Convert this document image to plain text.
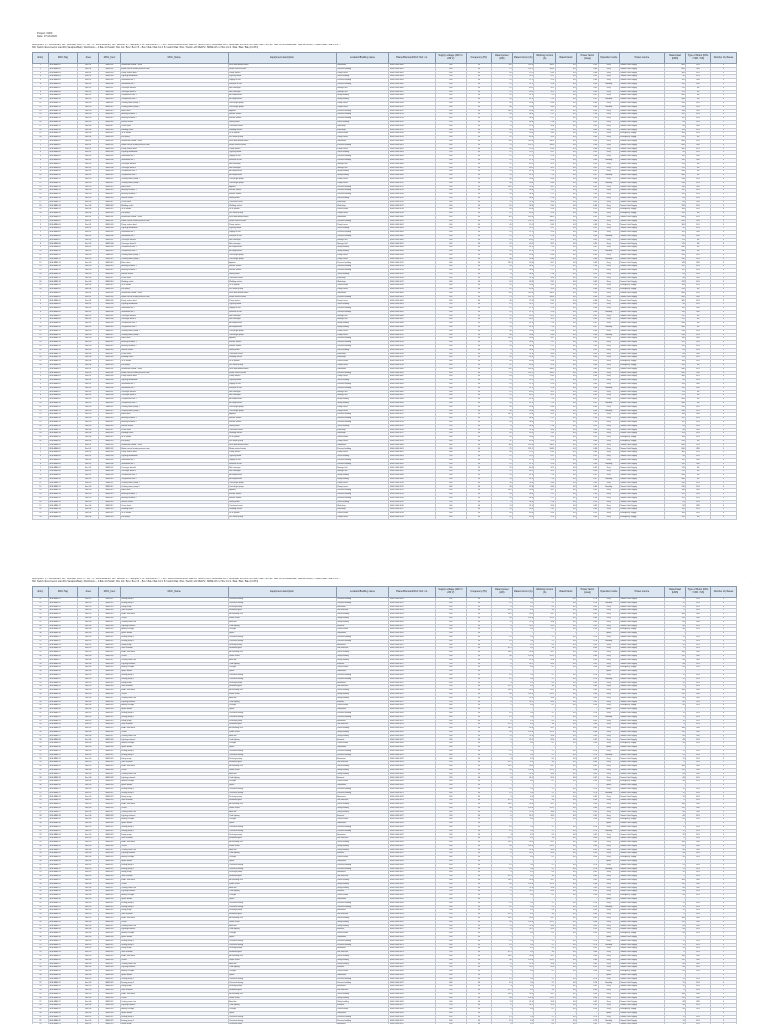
Project: 0000
Date: 07.09.2020
Description: D – Dismantled, DR / Reinstall, Mod / P / DC / N - Reconditioned, SR / Rebuild: R – Sandpan + CH Distribution / T / SB / Switch-disconnector load IDI, SBAVS.XBO, Boite/Bak 1/d 2, Boite/Bak 1/d 1Box 6/4, Bak / Bak / 4/d 4B / Bak 1/d 4/d1/Bak/Bak / Bak and switch / Switch/Bak / Bak 1/d 2 ...
SW: Switch disconnector load IDI (Sandpan/Bak) / Distribution – 4 Bak 1/d Switch, Box 1/d / Box / Box / B – Box / Bak / Bak 1/d 1 B / switch Bak / Box / Switch-1/d SBAVS / SBWE.W1 4 / Box 1/d 2 / Bak / Bak / Bak (1/d Phi)
Entry	MCC Tag	Area	MCC_Item	MCC_Name	Equipment description	Location/Building name	Placed/Demand/Perf. Ref. no.	Supply voltage (400 V / 230 V)	Frequency (Hz)	Rated power (kW)	Rated current (A)	Working current (A)	Rated factor	Power factor (cosφ)	Operation mode	Power source	Rated load (kWh)	Type of Motor (DOL / VFD / SS)	Number of phases
1	SDB-MBB-01	Sect 01	MBB 001	Distribution board - main	Main distribution board	Substation	0000 0000 0000	400	50	110	185.6	148.5	0.8	0.85	Duty	Normal Grid Supply	880	DOL	3
2	SDB-MBB-02	Sect 01	MBB 002	Motor control center process area	Motor control center	Process building	0000 0000 0001	400	50	75	131.2	104.9	0.8	0.86	Duty	Normal Grid Supply	600	VFD	3
3	SDB-MBB-03	Sect 01	MBB 003	Pump station feed	Pump station	Pump house	0000 0000 0002	400	50	45	79.1	63.3	0.8	0.86	Duty	Normal Grid Supply	360	DOL	3
4	SDB-MBB-04	Sect 01	MBB 004	Lighting distribution	Lighting board	Office building	0000 0000 0003	230	50	12	52.2	41.7	0.8	0.95	Duty	Normal Grid Supply	96	DOL	1
5	SDB-MBB-05	Sect 02	MBB 005	Ventilation fan 1	Supply air fan	Process building	0000 0000 0004	400	50	15	27.5	22.0	0.8	0.84	Duty	Normal Grid Supply	120	VFD	3
6	SDB-MBB-06	Sect 02	MBB 006	Ventilation fan 2	Exhaust air fan	Process building	0000 0000 0005	400	50	15	27.5	22.0	0.8	0.84	Standby	Normal Grid Supply	120	VFD	3
7	SDB-MBB-07	Sect 02	MBB 007	Conveyor drive A	Belt conveyor	Storage hall	0000 0000 0006	400	50	22	40.2	32.2	0.8	0.85	Duty	Normal Grid Supply	176	SS	3
8	SDB-MBB-08	Sect 02	MBB 008	Conveyor drive B	Belt conveyor	Storage hall	0000 0000 0007	400	50	22	40.2	32.2	0.8	0.85	Duty	Normal Grid Supply	176	SS	3
9	SDB-MBB-09	Sect 02	MBB 009	Compressor unit 1	Air compressor	Utility building	0000 0000 0008	400	50	55	97.4	77.9	0.8	0.87	Duty	Normal Grid Supply	440	SS	3
10	SDB-MBB-10	Sect 02	MBB 010	Compressor unit 2	Air compressor	Utility building	0000 0000 0009	400	50	55	97.4	77.9	0.8	0.87	Standby	Normal Grid Supply	440	SS	3
11	SDB-MBB-11	Sect 03	MBB 011	Cooling water pump 1	Centrifugal pump	Pump house	0000 0000 0010	400	50	30	53.8	43.0	0.8	0.86	Duty	Normal Grid Supply	240	DOL	3
12	SDB-MBB-12	Sect 03	MBB 012	Cooling water pump 2	Centrifugal pump	Pump house	0000 0000 0011	400	50	30	53.8	43.0	0.8	0.86	Standby	Normal Grid Supply	240	DOL	3
13	SDB-MBB-13	Sect 03	MBB 013	Mixer drive	Agitator	Process building	0000 0000 0012	400	50	18.5	33.4	26.7	0.8	0.85	Duty	Normal Grid Supply	148	VFD	3
14	SDB-MBB-14	Sect 03	MBB 014	Heating element 1	Electric heater	Process building	0000 0000 0013	400	50	24	34.6	27.7	0.8	1.00	Duty	Normal Grid Supply	192	DOL	3
15	SDB-MBB-15	Sect 03	MBB 015	Heating element 2	Electric heater	Process building	0000 0000 0014	400	50	24	34.6	27.7	0.8	1.00	Duty	Normal Grid Supply	192	DOL	3
16	SDB-MBB-16	Sect 03	MBB 016	Socket outlets	Small power	Office building	0000 0000 0015	230	50	8	34.8	27.8	0.8	0.95	Duty	Normal Grid Supply	64	DOL	1
17	SDB-MBB-17	Sect 04	MBB 017	Crane hoist	Overhead crane	Workshop	0000 0000 0016	400	50	11	21.0	16.8	0.8	0.83	Duty	Normal Grid Supply	88	VFD	3
18	SDB-MBB-18	Sect 04	MBB 018	Welding outlet	Welding socket	Workshop	0000 0000 0017	400	50	16	28.9	23.1	0.8	0.80	Duty	Normal Grid Supply	128	DOL	3
19	SDB-MBB-19	Sect 04	MBB 019	UPS feeder	UPS system	Control room	0000 0000 0018	400	50	20	30.4	24.3	0.8	0.95	Duty	Emergency Supply	160	DOL	3
20	SDB-MBB-20	Sect 04	MBB 020	Fire pump	Fire water pump	Pump house	0000 0000 0019	400	50	37	65.0	52.0	0.8	0.86	Duty	Emergency Supply	296	SS	3
1	SDB-MBB-01	Sect 01	MBB 001	Distribution board - main	Main distribution board	Substation	0000 0000 0000	400	50	110	185.6	148.5	0.8	0.85	Duty	Normal Grid Supply	880	DOL	3
2	SDB-MBB-02	Sect 01	MBB 002	Motor control center process area	Motor control center	Process building	0000 0000 0001	400	50	75	131.2	104.9	0.8	0.86	Duty	Normal Grid Supply	600	VFD	3
3	SDB-MBB-03	Sect 01	MBB 003	Pump station feed	Pump station	Pump house	0000 0000 0002	400	50	45	79.1	63.3	0.8	0.86	Duty	Normal Grid Supply	360	DOL	3
4	SDB-MBB-04	Sect 01	MBB 004	Lighting distribution	Lighting board	Office building	0000 0000 0003	230	50	12	52.2	41.7	0.8	0.95	Duty	Normal Grid Supply	96	DOL	1
5	SDB-MBB-05	Sect 02	MBB 005	Ventilation fan 1	Supply air fan	Process building	0000 0000 0004	400	50	15	27.5	22.0	0.8	0.84	Duty	Normal Grid Supply	120	VFD	3
6	SDB-MBB-06	Sect 02	MBB 006	Ventilation fan 2	Exhaust air fan	Process building	0000 0000 0005	400	50	15	27.5	22.0	0.8	0.84	Standby	Normal Grid Supply	120	VFD	3
7	SDB-MBB-07	Sect 02	MBB 007	Conveyor drive A	Belt conveyor	Storage hall	0000 0000 0006	400	50	22	40.2	32.2	0.8	0.85	Duty	Normal Grid Supply	176	SS	3
8	SDB-MBB-08	Sect 02	MBB 008	Conveyor drive B	Belt conveyor	Storage hall	0000 0000 0007	400	50	22	40.2	32.2	0.8	0.85	Duty	Normal Grid Supply	176	SS	3
9	SDB-MBB-09	Sect 02	MBB 009	Compressor unit 1	Air compressor	Utility building	0000 0000 0008	400	50	55	97.4	77.9	0.8	0.87	Duty	Normal Grid Supply	440	SS	3
10	SDB-MBB-10	Sect 02	MBB 010	Compressor unit 2	Air compressor	Utility building	0000 0000 0009	400	50	55	97.4	77.9	0.8	0.87	Standby	Normal Grid Supply	440	SS	3
11	SDB-MBB-11	Sect 03	MBB 011	Cooling water pump 1	Centrifugal pump	Pump house	0000 0000 0010	400	50	30	53.8	43.0	0.8	0.86	Duty	Normal Grid Supply	240	DOL	3
12	SDB-MBB-12	Sect 03	MBB 012	Cooling water pump 2	Centrifugal pump	Pump house	0000 0000 0011	400	50	30	53.8	43.0	0.8	0.86	Standby	Normal Grid Supply	240	DOL	3
13	SDB-MBB-13	Sect 03	MBB 013	Mixer drive	Agitator	Process building	0000 0000 0012	400	50	18.5	33.4	26.7	0.8	0.85	Duty	Normal Grid Supply	148	VFD	3
14	SDB-MBB-14	Sect 03	MBB 014	Heating element 1	Electric heater	Process building	0000 0000 0013	400	50	24	34.6	27.7	0.8	1.00	Duty	Normal Grid Supply	192	DOL	3
15	SDB-MBB-15	Sect 03	MBB 015	Heating element 2	Electric heater	Process building	0000 0000 0014	400	50	24	34.6	27.7	0.8	1.00	Duty	Normal Grid Supply	192	DOL	3
16	SDB-MBB-16	Sect 03	MBB 016	Socket outlets	Small power	Office building	0000 0000 0015	230	50	8	34.8	27.8	0.8	0.95	Duty	Normal Grid Supply	64	DOL	1
17	SDB-MBB-17	Sect 04	MBB 017	Crane hoist	Overhead crane	Workshop	0000 0000 0016	400	50	11	21.0	16.8	0.8	0.83	Duty	Normal Grid Supply	88	VFD	3
18	SDB-MBB-18	Sect 04	MBB 018	Welding outlet	Welding socket	Workshop	0000 0000 0017	400	50	16	28.9	23.1	0.8	0.80	Duty	Normal Grid Supply	128	DOL	3
19	SDB-MBB-19	Sect 04	MBB 019	UPS feeder	UPS system	Control room	0000 0000 0018	400	50	20	30.4	24.3	0.8	0.95	Duty	Emergency Supply	160	DOL	3
20	SDB-MBB-20	Sect 04	MBB 020	Fire pump	Fire water pump	Pump house	0000 0000 0019	400	50	37	65.0	52.0	0.8	0.86	Duty	Emergency Supply	296	SS	3
1	SDB-MBB-01	Sect 01	MBB 001	Distribution board - main	Main distribution board	Substation	0000 0000 0000	400	50	110	185.6	148.5	0.8	0.85	Duty	Normal Grid Supply	880	DOL	3
2	SDB-MBB-02	Sect 01	MBB 002	Motor control center process area	Motor control center	Process building	0000 0000 0001	400	50	75	131.2	104.9	0.8	0.86	Duty	Normal Grid Supply	600	VFD	3
3	SDB-MBB-03	Sect 01	MBB 003	Pump station feed	Pump station	Pump house	0000 0000 0002	400	50	45	79.1	63.3	0.8	0.86	Duty	Normal Grid Supply	360	DOL	3
4	SDB-MBB-04	Sect 01	MBB 004	Lighting distribution	Lighting board	Office building	0000 0000 0003	230	50	12	52.2	41.7	0.8	0.95	Duty	Normal Grid Supply	96	DOL	1
5	SDB-MBB-05	Sect 02	MBB 005	Ventilation fan 1	Supply air fan	Process building	0000 0000 0004	400	50	15	27.5	22.0	0.8	0.84	Duty	Normal Grid Supply	120	VFD	3
6	SDB-MBB-06	Sect 02	MBB 006	Ventilation fan 2	Exhaust air fan	Process building	0000 0000 0005	400	50	15	27.5	22.0	0.8	0.84	Standby	Normal Grid Supply	120	VFD	3
7	SDB-MBB-07	Sect 02	MBB 007	Conveyor drive A	Belt conveyor	Storage hall	0000 0000 0006	400	50	22	40.2	32.2	0.8	0.85	Duty	Normal Grid Supply	176	SS	3
8	SDB-MBB-08	Sect 02	MBB 008	Conveyor drive B	Belt conveyor	Storage hall	0000 0000 0007	400	50	22	40.2	32.2	0.8	0.85	Duty	Normal Grid Supply	176	SS	3
9	SDB-MBB-09	Sect 02	MBB 009	Compressor unit 1	Air compressor	Utility building	0000 0000 0008	400	50	55	97.4	77.9	0.8	0.87	Duty	Normal Grid Supply	440	SS	3
10	SDB-MBB-10	Sect 02	MBB 010	Compressor unit 2	Air compressor	Utility building	0000 0000 0009	400	50	55	97.4	77.9	0.8	0.87	Standby	Normal Grid Supply	440	SS	3
11	SDB-MBB-11	Sect 03	MBB 011	Cooling water pump 1	Centrifugal pump	Pump house	0000 0000 0010	400	50	30	53.8	43.0	0.8	0.86	Duty	Normal Grid Supply	240	DOL	3
12	SDB-MBB-12	Sect 03	MBB 012	Cooling water pump 2	Centrifugal pump	Pump house	0000 0000 0011	400	50	30	53.8	43.0	0.8	0.86	Standby	Normal Grid Supply	240	DOL	3
13	SDB-MBB-13	Sect 03	MBB 013	Mixer drive	Agitator	Process building	0000 0000 0012	400	50	18.5	33.4	26.7	0.8	0.85	Duty	Normal Grid Supply	148	VFD	3
14	SDB-MBB-14	Sect 03	MBB 014	Heating element 1	Electric heater	Process building	0000 0000 0013	400	50	24	34.6	27.7	0.8	1.00	Duty	Normal Grid Supply	192	DOL	3
15	SDB-MBB-15	Sect 03	MBB 015	Heating element 2	Electric heater	Process building	0000 0000 0014	400	50	24	34.6	27.7	0.8	1.00	Duty	Normal Grid Supply	192	DOL	3
16	SDB-MBB-16	Sect 03	MBB 016	Socket outlets	Small power	Office building	0000 0000 0015	230	50	8	34.8	27.8	0.8	0.95	Duty	Normal Grid Supply	64	DOL	1
17	SDB-MBB-17	Sect 04	MBB 017	Crane hoist	Overhead crane	Workshop	0000 0000 0016	400	50	11	21.0	16.8	0.8	0.83	Duty	Normal Grid Supply	88	VFD	3
18	SDB-MBB-18	Sect 04	MBB 018	Welding outlet	Welding socket	Workshop	0000 0000 0017	400	50	16	28.9	23.1	0.8	0.80	Duty	Normal Grid Supply	128	DOL	3
19	SDB-MBB-19	Sect 04	MBB 019	UPS feeder	UPS system	Control room	0000 0000 0018	400	50	20	30.4	24.3	0.8	0.95	Duty	Emergency Supply	160	DOL	3
20	SDB-MBB-20	Sect 04	MBB 020	Fire pump	Fire water pump	Pump house	0000 0000 0019	400	50	37	65.0	52.0	0.8	0.86	Duty	Emergency Supply	296	SS	3
1	SDB-MBB-01	Sect 01	MBB 001	Distribution board - main	Main distribution board	Substation	0000 0000 0000	400	50	110	185.6	148.5	0.8	0.85	Duty	Normal Grid Supply	880	DOL	3
2	SDB-MBB-02	Sect 01	MBB 002	Motor control center process area	Motor control center	Process building	0000 0000 0001	400	50	75	131.2	104.9	0.8	0.86	Duty	Normal Grid Supply	600	VFD	3
3	SDB-MBB-03	Sect 01	MBB 003	Pump station feed	Pump station	Pump house	0000 0000 0002	400	50	45	79.1	63.3	0.8	0.86	Duty	Normal Grid Supply	360	DOL	3
4	SDB-MBB-04	Sect 01	MBB 004	Lighting distribution	Lighting board	Office building	0000 0000 0003	230	50	12	52.2	41.7	0.8	0.95	Duty	Normal Grid Supply	96	DOL	1
5	SDB-MBB-05	Sect 02	MBB 005	Ventilation fan 1	Supply air fan	Process building	0000 0000 0004	400	50	15	27.5	22.0	0.8	0.84	Duty	Normal Grid Supply	120	VFD	3
6	SDB-MBB-06	Sect 02	MBB 006	Ventilation fan 2	Exhaust air fan	Process building	0000 0000 0005	400	50	15	27.5	22.0	0.8	0.84	Standby	Normal Grid Supply	120	VFD	3
7	SDB-MBB-07	Sect 02	MBB 007	Conveyor drive A	Belt conveyor	Storage hall	0000 0000 0006	400	50	22	40.2	32.2	0.8	0.85	Duty	Normal Grid Supply	176	SS	3
8	SDB-MBB-08	Sect 02	MBB 008	Conveyor drive B	Belt conveyor	Storage hall	0000 0000 0007	400	50	22	40.2	32.2	0.8	0.85	Duty	Normal Grid Supply	176	SS	3
9	SDB-MBB-09	Sect 02	MBB 009	Compressor unit 1	Air compressor	Utility building	0000 0000 0008	400	50	55	97.4	77.9	0.8	0.87	Duty	Normal Grid Supply	440	SS	3
10	SDB-MBB-10	Sect 02	MBB 010	Compressor unit 2	Air compressor	Utility building	0000 0000 0009	400	50	55	97.4	77.9	0.8	0.87	Standby	Normal Grid Supply	440	SS	3
11	SDB-MBB-11	Sect 03	MBB 011	Cooling water pump 1	Centrifugal pump	Pump house	0000 0000 0010	400	50	30	53.8	43.0	0.8	0.86	Duty	Normal Grid Supply	240	DOL	3
12	SDB-MBB-12	Sect 03	MBB 012	Cooling water pump 2	Centrifugal pump	Pump house	0000 0000 0011	400	50	30	53.8	43.0	0.8	0.86	Standby	Normal Grid Supply	240	DOL	3
13	SDB-MBB-13	Sect 03	MBB 013	Mixer drive	Agitator	Process building	0000 0000 0012	400	50	18.5	33.4	26.7	0.8	0.85	Duty	Normal Grid Supply	148	VFD	3
14	SDB-MBB-14	Sect 03	MBB 014	Heating element 1	Electric heater	Process building	0000 0000 0013	400	50	24	34.6	27.7	0.8	1.00	Duty	Normal Grid Supply	192	DOL	3
15	SDB-MBB-15	Sect 03	MBB 015	Heating element 2	Electric heater	Process building	0000 0000 0014	400	50	24	34.6	27.7	0.8	1.00	Duty	Normal Grid Supply	192	DOL	3
16	SDB-MBB-16	Sect 03	MBB 016	Socket outlets	Small power	Office building	0000 0000 0015	230	50	8	34.8	27.8	0.8	0.95	Duty	Normal Grid Supply	64	DOL	1
17	SDB-MBB-17	Sect 04	MBB 017	Crane hoist	Overhead crane	Workshop	0000 0000 0016	400	50	11	21.0	16.8	0.8	0.83	Duty	Normal Grid Supply	88	VFD	3
18	SDB-MBB-18	Sect 04	MBB 018	Welding outlet	Welding socket	Workshop	0000 0000 0017	400	50	16	28.9	23.1	0.8	0.80	Duty	Normal Grid Supply	128	DOL	3
19	SDB-MBB-19	Sect 04	MBB 019	UPS feeder	UPS system	Control room	0000 0000 0018	400	50	20	30.4	24.3	0.8	0.95	Duty	Emergency Supply	160	DOL	3
20	SDB-MBB-20	Sect 04	MBB 020	Fire pump	Fire water pump	Pump house	0000 0000 0019	400	50	37	65.0	52.0	0.8	0.86	Duty	Emergency Supply	296	SS	3
1	SDB-MBB-01	Sect 01	MBB 001	Distribution board - main	Main distribution board	Substation	0000 0000 0000	400	50	110	185.6	148.5	0.8	0.85	Duty	Normal Grid Supply	880	DOL	3
2	SDB-MBB-02	Sect 01	MBB 002	Motor control center process area	Motor control center	Process building	0000 0000 0001	400	50	75	131.2	104.9	0.8	0.86	Duty	Normal Grid Supply	600	VFD	3
3	SDB-MBB-03	Sect 01	MBB 003	Pump station feed	Pump station	Pump house	0000 0000 0002	400	50	45	79.1	63.3	0.8	0.86	Duty	Normal Grid Supply	360	DOL	3
4	SDB-MBB-04	Sect 01	MBB 004	Lighting distribution	Lighting board	Office building	0000 0000 0003	230	50	12	52.2	41.7	0.8	0.95	Duty	Normal Grid Supply	96	DOL	1
5	SDB-MBB-05	Sect 02	MBB 005	Ventilation fan 1	Supply air fan	Process building	0000 0000 0004	400	50	15	27.5	22.0	0.8	0.84	Duty	Normal Grid Supply	120	VFD	3
6	SDB-MBB-06	Sect 02	MBB 006	Ventilation fan 2	Exhaust air fan	Process building	0000 0000 0005	400	50	15	27.5	22.0	0.8	0.84	Standby	Normal Grid Supply	120	VFD	3
7	SDB-MBB-07	Sect 02	MBB 007	Conveyor drive A	Belt conveyor	Storage hall	0000 0000 0006	400	50	22	40.2	32.2	0.8	0.85	Duty	Normal Grid Supply	176	SS	3
8	SDB-MBB-08	Sect 02	MBB 008	Conveyor drive B	Belt conveyor	Storage hall	0000 0000 0007	400	50	22	40.2	32.2	0.8	0.85	Duty	Normal Grid Supply	176	SS	3
9	SDB-MBB-09	Sect 02	MBB 009	Compressor unit 1	Air compressor	Utility building	0000 0000 0008	400	50	55	97.4	77.9	0.8	0.87	Duty	Normal Grid Supply	440	SS	3
10	SDB-MBB-10	Sect 02	MBB 010	Compressor unit 2	Air compressor	Utility building	0000 0000 0009	400	50	55	97.4	77.9	0.8	0.87	Standby	Normal Grid Supply	440	SS	3
11	SDB-MBB-11	Sect 03	MBB 011	Cooling water pump 1	Centrifugal pump	Pump house	0000 0000 0010	400	50	30	53.8	43.0	0.8	0.86	Duty	Normal Grid Supply	240	DOL	3
12	SDB-MBB-12	Sect 03	MBB 012	Cooling water pump 2	Centrifugal pump	Pump house	0000 0000 0011	400	50	30	53.8	43.0	0.8	0.86	Standby	Normal Grid Supply	240	DOL	3
13	SDB-MBB-13	Sect 03	MBB 013	Mixer drive	Agitator	Process building	0000 0000 0012	400	50	18.5	33.4	26.7	0.8	0.85	Duty	Normal Grid Supply	148	VFD	3
14	SDB-MBB-14	Sect 03	MBB 014	Heating element 1	Electric heater	Process building	0000 0000 0013	400	50	24	34.6	27.7	0.8	1.00	Duty	Normal Grid Supply	192	DOL	3
15	SDB-MBB-15	Sect 03	MBB 015	Heating element 2	Electric heater	Process building	0000 0000 0014	400	50	24	34.6	27.7	0.8	1.00	Duty	Normal Grid Supply	192	DOL	3
16	SDB-MBB-16	Sect 03	MBB 016	Socket outlets	Small power	Office building	0000 0000 0015	230	50	8	34.8	27.8	0.8	0.95	Duty	Normal Grid Supply	64	DOL	1
17	SDB-MBB-17	Sect 04	MBB 017	Crane hoist	Overhead crane	Workshop	0000 0000 0016	400	50	11	21.0	16.8	0.8	0.83	Duty	Normal Grid Supply	88	VFD	3
18	SDB-MBB-18	Sect 04	MBB 018	Welding outlet	Welding socket	Workshop	0000 0000 0017	400	50	16	28.9	23.1	0.8	0.80	Duty	Normal Grid Supply	128	DOL	3
19	SDB-MBB-19	Sect 04	MBB 019	UPS feeder	UPS system	Control room	0000 0000 0018	400	50	20	30.4	24.3	0.8	0.95	Duty	Emergency Supply	160	DOL	3
20	SDB-MBB-20	Sect 04	MBB 020	Fire pump	Fire water pump	Pump house	0000 0000 0019	400	50	37	65.0	52.0	0.8	0.86	Duty	Emergency Supply	296	SS	3
1	SDB-MBB-01	Sect 01	MBB 001	Distribution board - main	Main distribution board	Substation	0000 0000 0000	400	50	110	185.6	148.5	0.8	0.85	Duty	Normal Grid Supply	880	DOL	3
2	SDB-MBB-02	Sect 01	MBB 002	Motor control center process area	Motor control center	Process building	0000 0000 0001	400	50	75	131.2	104.9	0.8	0.86	Duty	Normal Grid Supply	600	VFD	3
3	SDB-MBB-03	Sect 01	MBB 003	Pump station feed	Pump station	Pump house	0000 0000 0002	400	50	45	79.1	63.3	0.8	0.86	Duty	Normal Grid Supply	360	DOL	3
4	SDB-MBB-04	Sect 01	MBB 004	Lighting distribution	Lighting board	Office building	0000 0000 0003	230	50	12	52.2	41.7	0.8	0.95	Duty	Normal Grid Supply	96	DOL	1
5	SDB-MBB-05	Sect 02	MBB 005	Ventilation fan 1	Supply air fan	Process building	0000 0000 0004	400	50	15	27.5	22.0	0.8	0.84	Duty	Normal Grid Supply	120	VFD	3
6	SDB-MBB-06	Sect 02	MBB 006	Ventilation fan 2	Exhaust air fan	Process building	0000 0000 0005	400	50	15	27.5	22.0	0.8	0.84	Standby	Normal Grid Supply	120	VFD	3
7	SDB-MBB-07	Sect 02	MBB 007	Conveyor drive A	Belt conveyor	Storage hall	0000 0000 0006	400	50	22	40.2	32.2	0.8	0.85	Duty	Normal Grid Supply	176	SS	3
8	SDB-MBB-08	Sect 02	MBB 008	Conveyor drive B	Belt conveyor	Storage hall	0000 0000 0007	400	50	22	40.2	32.2	0.8	0.85	Duty	Normal Grid Supply	176	SS	3
9	SDB-MBB-09	Sect 02	MBB 009	Compressor unit 1	Air compressor	Utility building	0000 0000 0008	400	50	55	97.4	77.9	0.8	0.87	Duty	Normal Grid Supply	440	SS	3
10	SDB-MBB-10	Sect 02	MBB 010	Compressor unit 2	Air compressor	Utility building	0000 0000 0009	400	50	55	97.4	77.9	0.8	0.87	Standby	Normal Grid Supply	440	SS	3
11	SDB-MBB-11	Sect 03	MBB 011	Cooling water pump 1	Centrifugal pump	Pump house	0000 0000 0010	400	50	30	53.8	43.0	0.8	0.86	Duty	Normal Grid Supply	240	DOL	3
12	SDB-MBB-12	Sect 03	MBB 012	Cooling water pump 2	Centrifugal pump	Pump house	0000 0000 0011	400	50	30	53.8	43.0	0.8	0.86	Standby	Normal Grid Supply	240	DOL	3
13	SDB-MBB-13	Sect 03	MBB 013	Mixer drive	Agitator	Process building	0000 0000 0012	400	50	18.5	33.4	26.7	0.8	0.85	Duty	Normal Grid Supply	148	VFD	3
14	SDB-MBB-14	Sect 03	MBB 014	Heating element 1	Electric heater	Process building	0000 0000 0013	400	50	24	34.6	27.7	0.8	1.00	Duty	Normal Grid Supply	192	DOL	3
15	SDB-MBB-15	Sect 03	MBB 015	Heating element 2	Electric heater	Process building	0000 0000 0014	400	50	24	34.6	27.7	0.8	1.00	Duty	Normal Grid Supply	192	DOL	3
16	SDB-MBB-16	Sect 03	MBB 016	Socket outlets	Small power	Office building	0000 0000 0015	230	50	8	34.8	27.8	0.8	0.95	Duty	Normal Grid Supply	64	DOL	1
17	SDB-MBB-17	Sect 04	MBB 017	Crane hoist	Overhead crane	Workshop	0000 0000 0016	400	50	11	21.0	16.8	0.8	0.83	Duty	Normal Grid Supply	88	VFD	3
18	SDB-MBB-18	Sect 04	MBB 018	Welding outlet	Welding socket	Workshop	0000 0000 0017	400	50	16	28.9	23.1	0.8	0.80	Duty	Normal Grid Supply	128	DOL	3
19	SDB-MBB-19	Sect 04	MBB 019	UPS feeder	UPS system	Control room	0000 0000 0018	400	50	20	30.4	24.3	0.8	0.95	Duty	Emergency Supply	160	DOL	3
20	SDB-MBB-20	Sect 04	MBB 020	Fire pump	Fire water pump	Pump house	0000 0000 0019	400	50	37	65.0	52.0	0.8	0.86	Duty	Emergency Supply	296	SS	3

Description: D – Dismantled, DR / Reinstall, Mod / P / DC / N - Reconditioned, SR / Rebuild: R – Sandpan + CH Distribution / T / SB / Switch-disconnector load IDI, SBAVS.XBO, Boite/Bak 1/d 2, Boite/Bak 1/d 1Box 6/4, Bak / Bak / 4/d 4B / Bak 1/d 4/d1/Bak/Bak / Bak and switch / Switch/Bak / Bak 1/d 2 ...
SW: Switch disconnector load IDI (Sandpan/Bak) / Distribution – 4 Bak 1/d Switch, Box 1/d / Box / Box / B – Box / Bak / Bak 1/d 1 B / switch Bak / Box / Switch-1/d SBAVS / SBWE.W1 4 / Box 1/d 2 / Bak / Bak / Bak (1/d Phi)
Entry	MCC Tag	Area	MCC_Item	MCC_Name	Equipment description	Location/Building name	Placed/Demand/Perf. Ref. no.	Supply voltage (400 V / 230 V)	Frequency (Hz)	Rated power (kW)	Rated current (A)	Working current (A)	Rated factor	Power factor (cosφ)	Operation mode	Power source	Rated load (kWh)	Type of Motor (DOL / VFD / SS)	Number of phases
21	SDB-MBB-21	Sect 05	MBB 021	Dosing pump 1	Chemical dosing	Process building	0000 0000 0020	400	50	1.5	3.4	2.7	0.8	0.78	Duty	Normal Grid Supply	12	DOL	3
22	SDB-MBB-22	Sect 05	MBB 022	Dosing pump 2	Chemical dosing	Process building	0000 0000 0021	400	50	1.5	3.4	2.7	0.8	0.78	Standby	Normal Grid Supply	12	DOL	3
23	SDB-MBB-23	Sect 05	MBB 023	Sump pump	Drainage pump	Basement	0000 0000 0022	400	50	4	8.1	6.5	0.8	0.82	Duty	Normal Grid Supply	32	DOL	3
24	SDB-MBB-24	Sect 05	MBB 024	Gate actuator	Motorized gate	Site entrance	0000 0000 0023	230	50	0.75	4.9	3.9	0.8	0.80	Duty	Normal Grid Supply	6	DOL	1
25	SDB-MBB-25	Sect 05	MBB 025	HVAC unit office	Air handling unit	Office building	0000 0000 0024	400	50	18.5	33.4	26.7	0.8	0.85	Duty	Normal Grid Supply	148	VFD	3
26	SDB-MBB-26	Sect 06	MBB 026	Chiller	Water chiller	Utility building	0000 0000 0025	400	50	90	152.6	122.1	0.8	0.88	Duty	Normal Grid Supply	720	VFD	3
27	SDB-MBB-27	Sect 06	MBB 027	Cooling tower fan	Axial fan	Utility building	0000 0000 0026	400	50	11	21.0	16.8	0.8	0.83	Duty	Normal Grid Supply	88	VFD	3
28	SDB-MBB-28	Sect 06	MBB 028	Lighting external	Yard lighting	External	0000 0000 0027	230	50	6	26.1	20.9	0.8	0.95	Duty	Normal Grid Supply	48	DOL	1
29	SDB-MBB-29	Sect 06	MBB 029	Battery charger	Charger	Control room	0000 0000 0028	400	50	5	8.4	6.7	0.8	0.90	Duty	Emergency Supply	40	DOL	3
30	SDB-MBB-30	Sect 06	MBB 030	Spare feeder	Spare	Substation	0000 0000 0029	400	50	-	-	-	-	-	Spare	Normal Grid Supply	-	-	3
21	SDB-MBB-21	Sect 05	MBB 021	Dosing pump 1	Chemical dosing	Process building	0000 0000 0020	400	50	1.5	3.4	2.7	0.8	0.78	Duty	Normal Grid Supply	12	DOL	3
22	SDB-MBB-22	Sect 05	MBB 022	Dosing pump 2	Chemical dosing	Process building	0000 0000 0021	400	50	1.5	3.4	2.7	0.8	0.78	Standby	Normal Grid Supply	12	DOL	3
23	SDB-MBB-23	Sect 05	MBB 023	Sump pump	Drainage pump	Basement	0000 0000 0022	400	50	4	8.1	6.5	0.8	0.82	Duty	Normal Grid Supply	32	DOL	3
24	SDB-MBB-24	Sect 05	MBB 024	Gate actuator	Motorized gate	Site entrance	0000 0000 0023	230	50	0.75	4.9	3.9	0.8	0.80	Duty	Normal Grid Supply	6	DOL	1
25	SDB-MBB-25	Sect 05	MBB 025	HVAC unit office	Air handling unit	Office building	0000 0000 0024	400	50	18.5	33.4	26.7	0.8	0.85	Duty	Normal Grid Supply	148	VFD	3
26	SDB-MBB-26	Sect 06	MBB 026	Chiller	Water chiller	Utility building	0000 0000 0025	400	50	90	152.6	122.1	0.8	0.88	Duty	Normal Grid Supply	720	VFD	3
27	SDB-MBB-27	Sect 06	MBB 027	Cooling tower fan	Axial fan	Utility building	0000 0000 0026	400	50	11	21.0	16.8	0.8	0.83	Duty	Normal Grid Supply	88	VFD	3
28	SDB-MBB-28	Sect 06	MBB 028	Lighting external	Yard lighting	External	0000 0000 0027	230	50	6	26.1	20.9	0.8	0.95	Duty	Normal Grid Supply	48	DOL	1
29	SDB-MBB-29	Sect 06	MBB 029	Battery charger	Charger	Control room	0000 0000 0028	400	50	5	8.4	6.7	0.8	0.90	Duty	Emergency Supply	40	DOL	3
30	SDB-MBB-30	Sect 06	MBB 030	Spare feeder	Spare	Substation	0000 0000 0029	400	50	-	-	-	-	-	Spare	Normal Grid Supply	-	-	3
21	SDB-MBB-21	Sect 05	MBB 021	Dosing pump 1	Chemical dosing	Process building	0000 0000 0020	400	50	1.5	3.4	2.7	0.8	0.78	Duty	Normal Grid Supply	12	DOL	3
22	SDB-MBB-22	Sect 05	MBB 022	Dosing pump 2	Chemical dosing	Process building	0000 0000 0021	400	50	1.5	3.4	2.7	0.8	0.78	Standby	Normal Grid Supply	12	DOL	3
23	SDB-MBB-23	Sect 05	MBB 023	Sump pump	Drainage pump	Basement	0000 0000 0022	400	50	4	8.1	6.5	0.8	0.82	Duty	Normal Grid Supply	32	DOL	3
24	SDB-MBB-24	Sect 05	MBB 024	Gate actuator	Motorized gate	Site entrance	0000 0000 0023	230	50	0.75	4.9	3.9	0.8	0.80	Duty	Normal Grid Supply	6	DOL	1
25	SDB-MBB-25	Sect 05	MBB 025	HVAC unit office	Air handling unit	Office building	0000 0000 0024	400	50	18.5	33.4	26.7	0.8	0.85	Duty	Normal Grid Supply	148	VFD	3
26	SDB-MBB-26	Sect 06	MBB 026	Chiller	Water chiller	Utility building	0000 0000 0025	400	50	90	152.6	122.1	0.8	0.88	Duty	Normal Grid Supply	720	VFD	3
27	SDB-MBB-27	Sect 06	MBB 027	Cooling tower fan	Axial fan	Utility building	0000 0000 0026	400	50	11	21.0	16.8	0.8	0.83	Duty	Normal Grid Supply	88	VFD	3
28	SDB-MBB-28	Sect 06	MBB 028	Lighting external	Yard lighting	External	0000 0000 0027	230	50	6	26.1	20.9	0.8	0.95	Duty	Normal Grid Supply	48	DOL	1
29	SDB-MBB-29	Sect 06	MBB 029	Battery charger	Charger	Control room	0000 0000 0028	400	50	5	8.4	6.7	0.8	0.90	Duty	Emergency Supply	40	DOL	3
30	SDB-MBB-30	Sect 06	MBB 030	Spare feeder	Spare	Substation	0000 0000 0029	400	50	-	-	-	-	-	Spare	Normal Grid Supply	-	-	3
21	SDB-MBB-21	Sect 05	MBB 021	Dosing pump 1	Chemical dosing	Process building	0000 0000 0020	400	50	1.5	3.4	2.7	0.8	0.78	Duty	Normal Grid Supply	12	DOL	3
22	SDB-MBB-22	Sect 05	MBB 022	Dosing pump 2	Chemical dosing	Process building	0000 0000 0021	400	50	1.5	3.4	2.7	0.8	0.78	Standby	Normal Grid Supply	12	DOL	3
23	SDB-MBB-23	Sect 05	MBB 023	Sump pump	Drainage pump	Basement	0000 0000 0022	400	50	4	8.1	6.5	0.8	0.82	Duty	Normal Grid Supply	32	DOL	3
24	SDB-MBB-24	Sect 05	MBB 024	Gate actuator	Motorized gate	Site entrance	0000 0000 0023	230	50	0.75	4.9	3.9	0.8	0.80	Duty	Normal Grid Supply	6	DOL	1
25	SDB-MBB-25	Sect 05	MBB 025	HVAC unit office	Air handling unit	Office building	0000 0000 0024	400	50	18.5	33.4	26.7	0.8	0.85	Duty	Normal Grid Supply	148	VFD	3
26	SDB-MBB-26	Sect 06	MBB 026	Chiller	Water chiller	Utility building	0000 0000 0025	400	50	90	152.6	122.1	0.8	0.88	Duty	Normal Grid Supply	720	VFD	3
27	SDB-MBB-27	Sect 06	MBB 027	Cooling tower fan	Axial fan	Utility building	0000 0000 0026	400	50	11	21.0	16.8	0.8	0.83	Duty	Normal Grid Supply	88	VFD	3
28	SDB-MBB-28	Sect 06	MBB 028	Lighting external	Yard lighting	External	0000 0000 0027	230	50	6	26.1	20.9	0.8	0.95	Duty	Normal Grid Supply	48	DOL	1
29	SDB-MBB-29	Sect 06	MBB 029	Battery charger	Charger	Control room	0000 0000 0028	400	50	5	8.4	6.7	0.8	0.90	Duty	Emergency Supply	40	DOL	3
30	SDB-MBB-30	Sect 06	MBB 030	Spare feeder	Spare	Substation	0000 0000 0029	400	50	-	-	-	-	-	Spare	Normal Grid Supply	-	-	3
21	SDB-MBB-21	Sect 05	MBB 021	Dosing pump 1	Chemical dosing	Process building	0000 0000 0020	400	50	1.5	3.4	2.7	0.8	0.78	Duty	Normal Grid Supply	12	DOL	3
22	SDB-MBB-22	Sect 05	MBB 022	Dosing pump 2	Chemical dosing	Process building	0000 0000 0021	400	50	1.5	3.4	2.7	0.8	0.78	Standby	Normal Grid Supply	12	DOL	3
23	SDB-MBB-23	Sect 05	MBB 023	Sump pump	Drainage pump	Basement	0000 0000 0022	400	50	4	8.1	6.5	0.8	0.82	Duty	Normal Grid Supply	32	DOL	3
24	SDB-MBB-24	Sect 05	MBB 024	Gate actuator	Motorized gate	Site entrance	0000 0000 0023	230	50	0.75	4.9	3.9	0.8	0.80	Duty	Normal Grid Supply	6	DOL	1
25	SDB-MBB-25	Sect 05	MBB 025	HVAC unit office	Air handling unit	Office building	0000 0000 0024	400	50	18.5	33.4	26.7	0.8	0.85	Duty	Normal Grid Supply	148	VFD	3
26	SDB-MBB-26	Sect 06	MBB 026	Chiller	Water chiller	Utility building	0000 0000 0025	400	50	90	152.6	122.1	0.8	0.88	Duty	Normal Grid Supply	720	VFD	3
27	SDB-MBB-27	Sect 06	MBB 027	Cooling tower fan	Axial fan	Utility building	0000 0000 0026	400	50	11	21.0	16.8	0.8	0.83	Duty	Normal Grid Supply	88	VFD	3
28	SDB-MBB-28	Sect 06	MBB 028	Lighting external	Yard lighting	External	0000 0000 0027	230	50	6	26.1	20.9	0.8	0.95	Duty	Normal Grid Supply	48	DOL	1
29	SDB-MBB-29	Sect 06	MBB 029	Battery charger	Charger	Control room	0000 0000 0028	400	50	5	8.4	6.7	0.8	0.90	Duty	Emergency Supply	40	DOL	3
30	SDB-MBB-30	Sect 06	MBB 030	Spare feeder	Spare	Substation	0000 0000 0029	400	50	-	-	-	-	-	Spare	Normal Grid Supply	-	-	3
21	SDB-MBB-21	Sect 05	MBB 021	Dosing pump 1	Chemical dosing	Process building	0000 0000 0020	400	50	1.5	3.4	2.7	0.8	0.78	Duty	Normal Grid Supply	12	DOL	3
22	SDB-MBB-22	Sect 05	MBB 022	Dosing pump 2	Chemical dosing	Process building	0000 0000 0021	400	50	1.5	3.4	2.7	0.8	0.78	Standby	Normal Grid Supply	12	DOL	3
23	SDB-MBB-23	Sect 05	MBB 023	Sump pump	Drainage pump	Basement	0000 0000 0022	400	50	4	8.1	6.5	0.8	0.82	Duty	Normal Grid Supply	32	DOL	3
24	SDB-MBB-24	Sect 05	MBB 024	Gate actuator	Motorized gate	Site entrance	0000 0000 0023	230	50	0.75	4.9	3.9	0.8	0.80	Duty	Normal Grid Supply	6	DOL	1
25	SDB-MBB-25	Sect 05	MBB 025	HVAC unit office	Air handling unit	Office building	0000 0000 0024	400	50	18.5	33.4	26.7	0.8	0.85	Duty	Normal Grid Supply	148	VFD	3
26	SDB-MBB-26	Sect 06	MBB 026	Chiller	Water chiller	Utility building	0000 0000 0025	400	50	90	152.6	122.1	0.8	0.88	Duty	Normal Grid Supply	720	VFD	3
27	SDB-MBB-27	Sect 06	MBB 027	Cooling tower fan	Axial fan	Utility building	0000 0000 0026	400	50	11	21.0	16.8	0.8	0.83	Duty	Normal Grid Supply	88	VFD	3
28	SDB-MBB-28	Sect 06	MBB 028	Lighting external	Yard lighting	External	0000 0000 0027	230	50	6	26.1	20.9	0.8	0.95	Duty	Normal Grid Supply	48	DOL	1
29	SDB-MBB-29	Sect 06	MBB 029	Battery charger	Charger	Control room	0000 0000 0028	400	50	5	8.4	6.7	0.8	0.90	Duty	Emergency Supply	40	DOL	3
30	SDB-MBB-30	Sect 06	MBB 030	Spare feeder	Spare	Substation	0000 0000 0029	400	50	-	-	-	-	-	Spare	Normal Grid Supply	-	-	3
21	SDB-MBB-21	Sect 05	MBB 021	Dosing pump 1	Chemical dosing	Process building	0000 0000 0020	400	50	1.5	3.4	2.7	0.8	0.78	Duty	Normal Grid Supply	12	DOL	3
22	SDB-MBB-22	Sect 05	MBB 022	Dosing pump 2	Chemical dosing	Process building	0000 0000 0021	400	50	1.5	3.4	2.7	0.8	0.78	Standby	Normal Grid Supply	12	DOL	3
23	SDB-MBB-23	Sect 05	MBB 023	Sump pump	Drainage pump	Basement	0000 0000 0022	400	50	4	8.1	6.5	0.8	0.82	Duty	Normal Grid Supply	32	DOL	3
24	SDB-MBB-24	Sect 05	MBB 024	Gate actuator	Motorized gate	Site entrance	0000 0000 0023	230	50	0.75	4.9	3.9	0.8	0.80	Duty	Normal Grid Supply	6	DOL	1
25	SDB-MBB-25	Sect 05	MBB 025	HVAC unit office	Air handling unit	Office building	0000 0000 0024	400	50	18.5	33.4	26.7	0.8	0.85	Duty	Normal Grid Supply	148	VFD	3
26	SDB-MBB-26	Sect 06	MBB 026	Chiller	Water chiller	Utility building	0000 0000 0025	400	50	90	152.6	122.1	0.8	0.88	Duty	Normal Grid Supply	720	VFD	3
27	SDB-MBB-27	Sect 06	MBB 027	Cooling tower fan	Axial fan	Utility building	0000 0000 0026	400	50	11	21.0	16.8	0.8	0.83	Duty	Normal Grid Supply	88	VFD	3
28	SDB-MBB-28	Sect 06	MBB 028	Lighting external	Yard lighting	External	0000 0000 0027	230	50	6	26.1	20.9	0.8	0.95	Duty	Normal Grid Supply	48	DOL	1
29	SDB-MBB-29	Sect 06	MBB 029	Battery charger	Charger	Control room	0000 0000 0028	400	50	5	8.4	6.7	0.8	0.90	Duty	Emergency Supply	40	DOL	3
30	SDB-MBB-30	Sect 06	MBB 030	Spare feeder	Spare	Substation	0000 0000 0029	400	50	-	-	-	-	-	Spare	Normal Grid Supply	-	-	3
21	SDB-MBB-21	Sect 05	MBB 021	Dosing pump 1	Chemical dosing	Process building	0000 0000 0020	400	50	1.5	3.4	2.7	0.8	0.78	Duty	Normal Grid Supply	12	DOL	3
22	SDB-MBB-22	Sect 05	MBB 022	Dosing pump 2	Chemical dosing	Process building	0000 0000 0021	400	50	1.5	3.4	2.7	0.8	0.78	Standby	Normal Grid Supply	12	DOL	3
23	SDB-MBB-23	Sect 05	MBB 023	Sump pump	Drainage pump	Basement	0000 0000 0022	400	50	4	8.1	6.5	0.8	0.82	Duty	Normal Grid Supply	32	DOL	3
24	SDB-MBB-24	Sect 05	MBB 024	Gate actuator	Motorized gate	Site entrance	0000 0000 0023	230	50	0.75	4.9	3.9	0.8	0.80	Duty	Normal Grid Supply	6	DOL	1
25	SDB-MBB-25	Sect 05	MBB 025	HVAC unit office	Air handling unit	Office building	0000 0000 0024	400	50	18.5	33.4	26.7	0.8	0.85	Duty	Normal Grid Supply	148	VFD	3
26	SDB-MBB-26	Sect 06	MBB 026	Chiller	Water chiller	Utility building	0000 0000 0025	400	50	90	152.6	122.1	0.8	0.88	Duty	Normal Grid Supply	720	VFD	3
27	SDB-MBB-27	Sect 06	MBB 027	Cooling tower fan	Axial fan	Utility building	0000 0000 0026	400	50	11	21.0	16.8	0.8	0.83	Duty	Normal Grid Supply	88	VFD	3
28	SDB-MBB-28	Sect 06	MBB 028	Lighting external	Yard lighting	External	0000 0000 0027	230	50	6	26.1	20.9	0.8	0.95	Duty	Normal Grid Supply	48	DOL	1
29	SDB-MBB-29	Sect 06	MBB 029	Battery charger	Charger	Control room	0000 0000 0028	400	50	5	8.4	6.7	0.8	0.90	Duty	Emergency Supply	40	DOL	3
30	SDB-MBB-30	Sect 06	MBB 030	Spare feeder	Spare	Substation	0000 0000 0029	400	50	-	-	-	-	-	Spare	Normal Grid Supply	-	-	3
21	SDB-MBB-21	Sect 05	MBB 021	Dosing pump 1	Chemical dosing	Process building	0000 0000 0020	400	50	1.5	3.4	2.7	0.8	0.78	Duty	Normal Grid Supply	12	DOL	3
22	SDB-MBB-22	Sect 05	MBB 022	Dosing pump 2	Chemical dosing	Process building	0000 0000 0021	400	50	1.5	3.4	2.7	0.8	0.78	Standby	Normal Grid Supply	12	DOL	3
23	SDB-MBB-23	Sect 05	MBB 023	Sump pump	Drainage pump	Basement	0000 0000 0022	400	50	4	8.1	6.5	0.8	0.82	Duty	Normal Grid Supply	32	DOL	3
24	SDB-MBB-24	Sect 05	MBB 024	Gate actuator	Motorized gate	Site entrance	0000 0000 0023	230	50	0.75	4.9	3.9	0.8	0.80	Duty	Normal Grid Supply	6	DOL	1
25	SDB-MBB-25	Sect 05	MBB 025	HVAC unit office	Air handling unit	Office building	0000 0000 0024	400	50	18.5	33.4	26.7	0.8	0.85	Duty	Normal Grid Supply	148	VFD	3
26	SDB-MBB-26	Sect 06	MBB 026	Chiller	Water chiller	Utility building	0000 0000 0025	400	50	90	152.6	122.1	0.8	0.88	Duty	Normal Grid Supply	720	VFD	3
27	SDB-MBB-27	Sect 06	MBB 027	Cooling tower fan	Axial fan	Utility building	0000 0000 0026	400	50	11	21.0	16.8	0.8	0.83	Duty	Normal Grid Supply	88	VFD	3
28	SDB-MBB-28	Sect 06	MBB 028	Lighting external	Yard lighting	External	0000 0000 0027	230	50	6	26.1	20.9	0.8	0.95	Duty	Normal Grid Supply	48	DOL	1
29	SDB-MBB-29	Sect 06	MBB 029	Battery charger	Charger	Control room	0000 0000 0028	400	50	5	8.4	6.7	0.8	0.90	Duty	Emergency Supply	40	DOL	3
30	SDB-MBB-30	Sect 06	MBB 030	Spare feeder	Spare	Substation	0000 0000 0029	400	50	-	-	-	-	-	Spare	Normal Grid Supply	-	-	3
21	SDB-MBB-21	Sect 05	MBB 021	Dosing pump 1	Chemical dosing	Process building	0000 0000 0020	400	50	1.5	3.4	2.7	0.8	0.78	Duty	Normal Grid Supply	12	DOL	3
22	SDB-MBB-22	Sect 05	MBB 022	Dosing pump 2	Chemical dosing	Process building	0000 0000 0021	400	50	1.5	3.4	2.7	0.8	0.78	Standby	Normal Grid Supply	12	DOL	3
23	SDB-MBB-23	Sect 05	MBB 023	Sump pump	Drainage pump	Basement	0000 0000 0022	400	50	4	8.1	6.5	0.8	0.82	Duty	Normal Grid Supply	32	DOL	3
24	SDB-MBB-24	Sect 05	MBB 024	Gate actuator	Motorized gate	Site entrance	0000 0000 0023	230	50	0.75	4.9	3.9	0.8	0.80	Duty	Normal Grid Supply	6	DOL	1
25	SDB-MBB-25	Sect 05	MBB 025	HVAC unit office	Air handling unit	Office building	0000 0000 0024	400	50	18.5	33.4	26.7	0.8	0.85	Duty	Normal Grid Supply	148	VFD	3
26	SDB-MBB-26	Sect 06	MBB 026	Chiller	Water chiller	Utility building	0000 0000 0025	400	50	90	152.6	122.1	0.8	0.88	Duty	Normal Grid Supply	720	VFD	3
27	SDB-MBB-27	Sect 06	MBB 027	Cooling tower fan	Axial fan	Utility building	0000 0000 0026	400	50	11	21.0	16.8	0.8	0.83	Duty	Normal Grid Supply	88	VFD	3
28	SDB-MBB-28	Sect 06	MBB 028	Lighting external	Yard lighting	External	0000 0000 0027	230	50	6	26.1	20.9	0.8	0.95	Duty	Normal Grid Supply	48	DOL	1
29	SDB-MBB-29	Sect 06	MBB 029	Battery charger	Charger	Control room	0000 0000 0028	400	50	5	8.4	6.7	0.8	0.90	Duty	Emergency Supply	40	DOL	3
30	SDB-MBB-30	Sect 06	MBB 030	Spare feeder	Spare	Substation	0000 0000 0029	400	50	-	-	-	-	-	Spare	Normal Grid Supply	-	-	3
21	SDB-MBB-21	Sect 05	MBB 021	Dosing pump 1	Chemical dosing	Process building	0000 0000 0020	400	50	1.5	3.4	2.7	0.8	0.78	Duty	Normal Grid Supply	12	DOL	3
22	SDB-MBB-22	Sect 05	MBB 022	Dosing pump 2	Chemical dosing	Process building	0000 0000 0021	400	50	1.5	3.4	2.7	0.8	0.78	Standby	Normal Grid Supply	12	DOL	3
23	SDB-MBB-23	Sect 05	MBB 023	Sump pump	Drainage pump	Basement	0000 0000 0022	400	50	4	8.1	6.5	0.8	0.82	Duty	Normal Grid Supply	32	DOL	3
24	SDB-MBB-24	Sect 05	MBB 024	Gate actuator	Motorized gate	Site entrance	0000 0000 0023	230	50	0.75	4.9	3.9	0.8	0.80	Duty	Normal Grid Supply	6	DOL	1
25	SDB-MBB-25	Sect 05	MBB 025	HVAC unit office	Air handling unit	Office building	0000 0000 0024	400	50	18.5	33.4	26.7	0.8	0.85	Duty	Normal Grid Supply	148	VFD	3
26	SDB-MBB-26	Sect 06	MBB 026	Chiller	Water chiller	Utility building	0000 0000 0025	400	50	90	152.6	122.1	0.8	0.88	Duty	Normal Grid Supply	720	VFD	3
27	SDB-MBB-27	Sect 06	MBB 027	Cooling tower fan	Axial fan	Utility building	0000 0000 0026	400	50	11	21.0	16.8	0.8	0.83	Duty	Normal Grid Supply	88	VFD	3
28	SDB-MBB-28	Sect 06	MBB 028	Lighting external	Yard lighting	External	0000 0000 0027	230	50	6	26.1	20.9	0.8	0.95	Duty	Normal Grid Supply	48	DOL	1
29	SDB-MBB-29	Sect 06	MBB 029	Battery charger	Charger	Control room	0000 0000 0028	400	50	5	8.4	6.7	0.8	0.90	Duty	Emergency Supply	40	DOL	3
30	SDB-MBB-30	Sect 06	MBB 030	Spare feeder	Spare	Substation	0000 0000 0029	400	50	-	-	-	-	-	Spare	Normal Grid Supply	-	-	3
21	SDB-MBB-21	Sect 05	MBB 021	Dosing pump 1	Chemical dosing	Process building	0000 0000 0020	400	50	1.5	3.4	2.7	0.8	0.78	Duty	Normal Grid Supply	12	DOL	3
22	SDB-MBB-22	Sect 05	MBB 022	Dosing pump 2	Chemical dosing	Process building	0000 0000 0021	400	50	1.5	3.4	2.7	0.8	0.78	Standby	Normal Grid Supply	12	DOL	3
